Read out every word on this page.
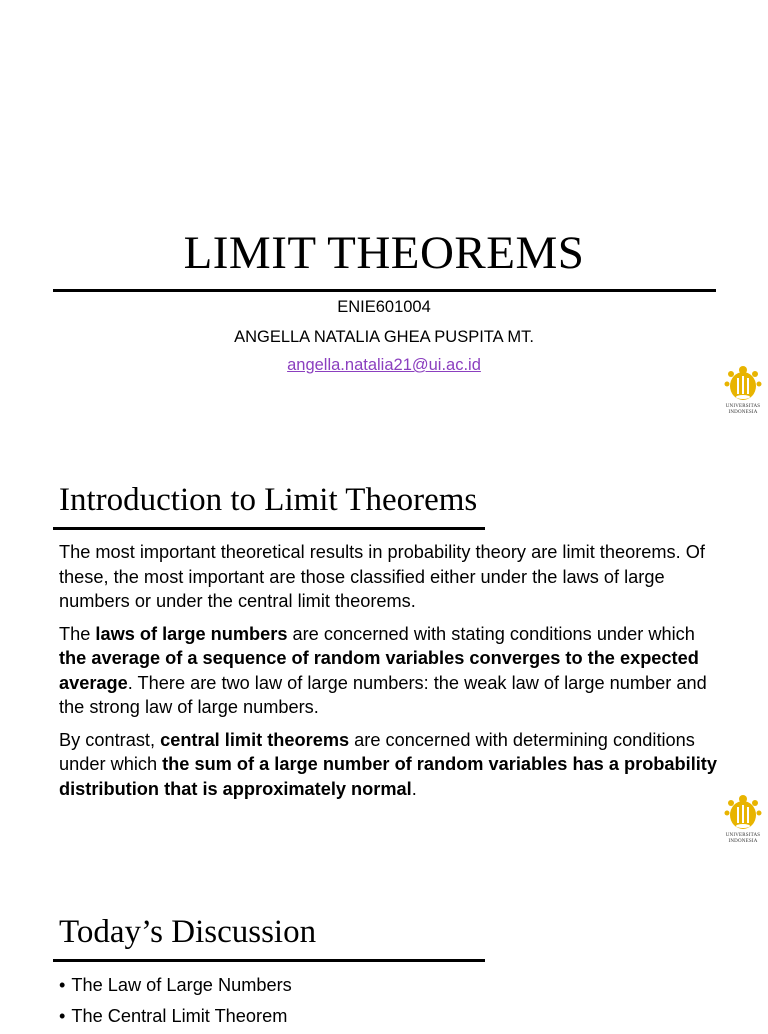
LIMIT THEOREMS
ENIE601004
ANGELLA NATALIA GHEA PUSPITA MT.
angella.natalia21@ui.ac.id
UNIVERSITAS
INDONESIA
Introduction to Limit Theorems

The most important theoretical results in probability theory are limit theorems. Of these, the most important are those classified either under the laws of large numbers or under the central limit theorems.

The laws of large numbers are concerned with stating conditions under which the average of a sequence of random variables converges to the expected average. There are two law of large numbers: the weak law of large number and the strong law of large numbers.

By contrast, central limit theorems are concerned with determining conditions under which the sum of a large number of random variables has a probability distribution that is approximately normal.

UNIVERSITAS
INDONESIA
Today’s Discussion
• The Law of Large Numbers
• The Central Limit Theorem
